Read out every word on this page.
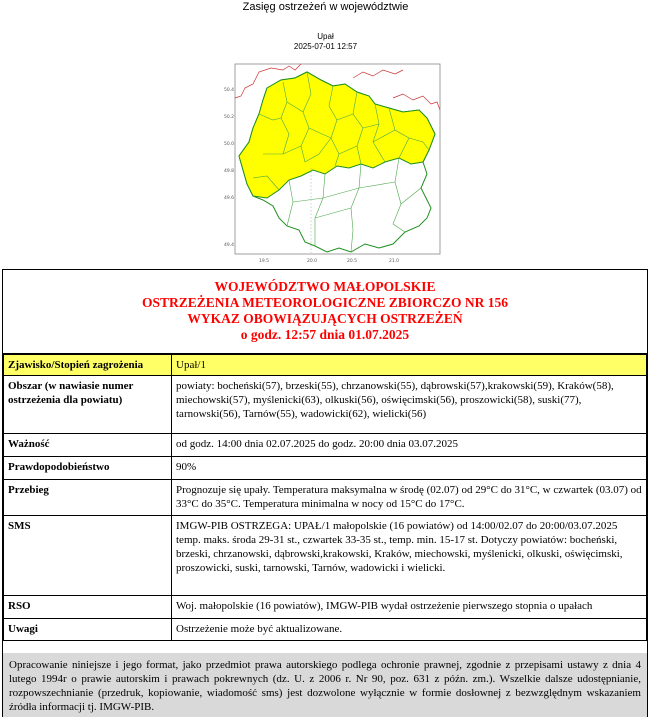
Zasięg ostrzeżeń w województwie
Upał
2025-07-01 12:57
50.4
50.2
50.0
49.8
49.6
49.4
19.5	20.0	20.5	21.0
WOJEWÓDZTWO MAŁOPOLSKIE
OSTRZEŻENIA METEOROLOGICZNE ZBIORCZO NR 156
WYKAZ OBOWIĄZUJĄCYCH OSTRZEŻEŃ
o godz. 12:57 dnia 01.07.2025
Zjawisko/Stopień zagrożenia	Upał/1
Obszar (w nawiasie numer ostrzeżenia dla powiatu)	powiaty: bocheński(57), brzeski(55), chrzanowski(55), dąbrowski(57),krakowski(59), Kraków(58), miechowski(57), myślenicki(63), olkuski(56), oświęcimski(56), proszowicki(58), suski(77), tarnowski(56), Tarnów(55), wadowicki(62), wielicki(56)
Ważność	od godz. 14:00 dnia 02.07.2025 do godz. 20:00 dnia 03.07.2025
Prawdopodobieństwo	90%
Przebieg	Prognozuje się upały. Temperatura maksymalna w środę (02.07) od 29°C do 31°C, w czwartek (03.07) od 33°C do 35°C. Temperatura minimalna w nocy od 15°C do 17°C.
SMS	IMGW-PIB OSTRZEGA: UPAŁ/1 małopolskie (16 powiatów) od 14:00/02.07 do 20:00/03.07.2025 temp. maks. środa 29-31 st., czwartek 33-35 st., temp. min. 15-17 st. Dotyczy powiatów: bocheński, brzeski, chrzanowski, dąbrowski,krakowski, Kraków, miechowski, myślenicki, olkuski, oświęcimski, proszowicki, suski, tarnowski, Tarnów, wadowicki i wielicki.
RSO	Woj. małopolskie (16 powiatów), IMGW-PIB wydał ostrzeżenie pierwszego stopnia o upałach
Uwagi	Ostrzeżenie może być aktualizowane.
Opracowanie niniejsze i jego format, jako przedmiot prawa autorskiego podlega ochronie prawnej, zgodnie z przepisami ustawy z dnia 4 lutego 1994r o prawie autorskim i prawach pokrewnych (dz. U. z 2006 r. Nr 90, poz. 631 z późn. zm.). Wszelkie dalsze udostępnianie, rozpowszechnianie (przedruk, kopiowanie, wiadomość sms) jest dozwolone wyłącznie w formie dosłownej z bezwzględnym wskazaniem źródła informacji tj. IMGW-PIB.
